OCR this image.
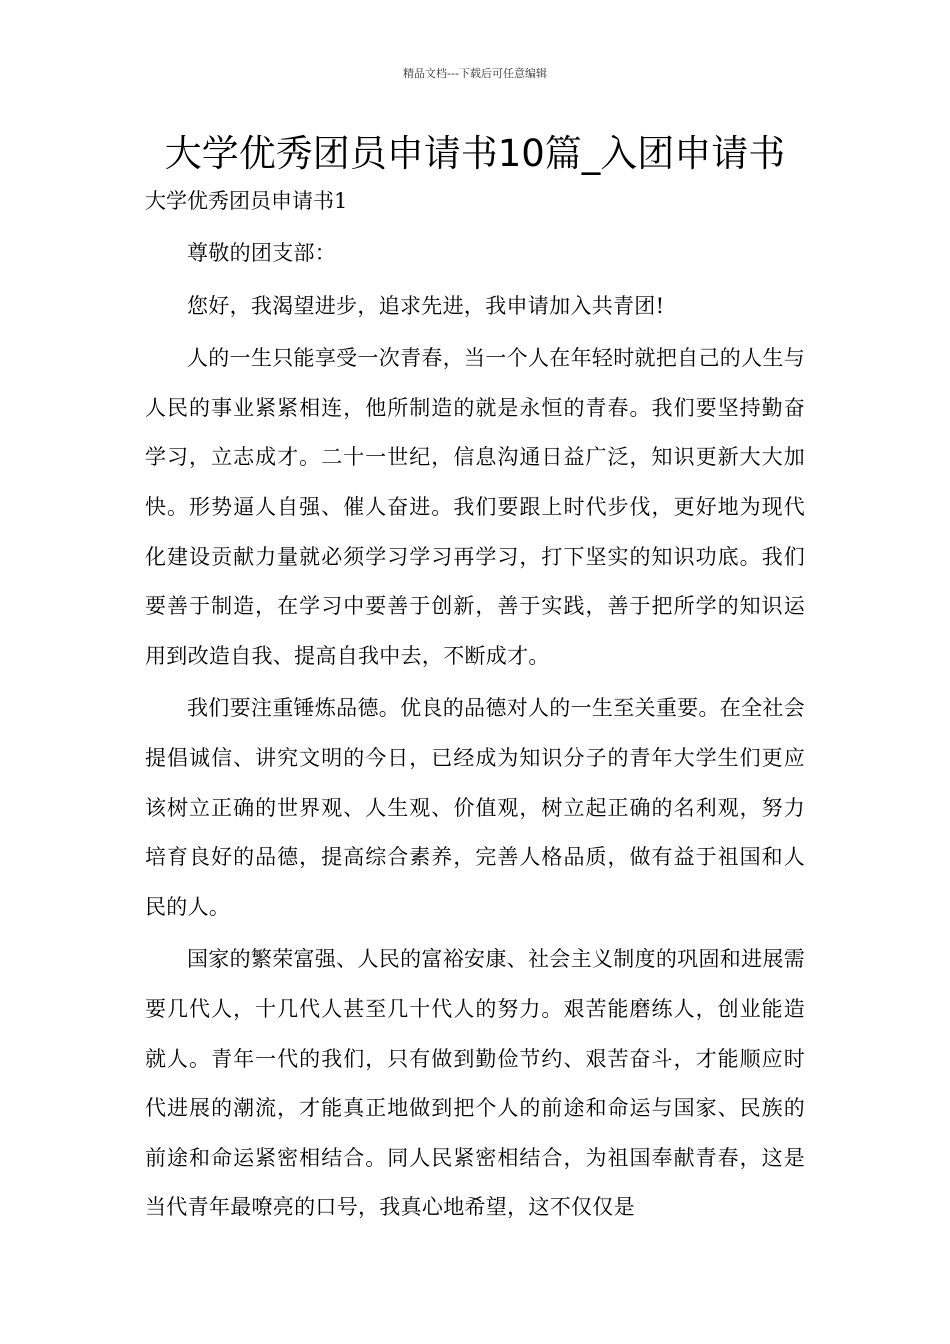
精品文档---下载后可任意编辑
大学优秀团员申请书10篇_入团申请书
大学优秀团员申请书1

尊敬的团支部：

您好，我渴望进步，追求先进，我申请加入共青团!

人的一生只能享受一次青春，当一个人在年轻时就把自己的人生与人民的事业紧紧相连，他所制造的就是永恒的青春。我们要坚持勤奋学习，立志成才。二十一世纪，信息沟通日益广泛，知识更新大大加快。形势逼人自强、催人奋进。我们要跟上时代步伐，更好地为现代化建设贡献力量就必须学习学习再学习，打下坚实的知识功底。我们要善于制造，在学习中要善于创新，善于实践，善于把所学的知识运用到改造自我、提高自我中去，不断成才。

我们要注重锤炼品德。优良的品德对人的一生至关重要。在全社会提倡诚信、讲究文明的今日，已经成为知识分子的青年大学生们更应该树立正确的世界观、人生观、价值观，树立起正确的名利观，努力培育良好的品德，提高综合素养，完善人格品质，做有益于祖国和人民的人。

国家的繁荣富强、人民的富裕安康、社会主义制度的巩固和进展需要几代人，十几代人甚至几十代人的努力。艰苦能磨练人，创业能造就人。青年一代的我们，只有做到勤俭节约、艰苦奋斗，才能顺应时代进展的潮流，才能真正地做到把个人的前途和命运与国家、民族的前途和命运紧密相结合。同人民紧密相结合，为祖国奉献青春，这是当代青年最嘹亮的口号，我真心地希望，这不仅仅是
